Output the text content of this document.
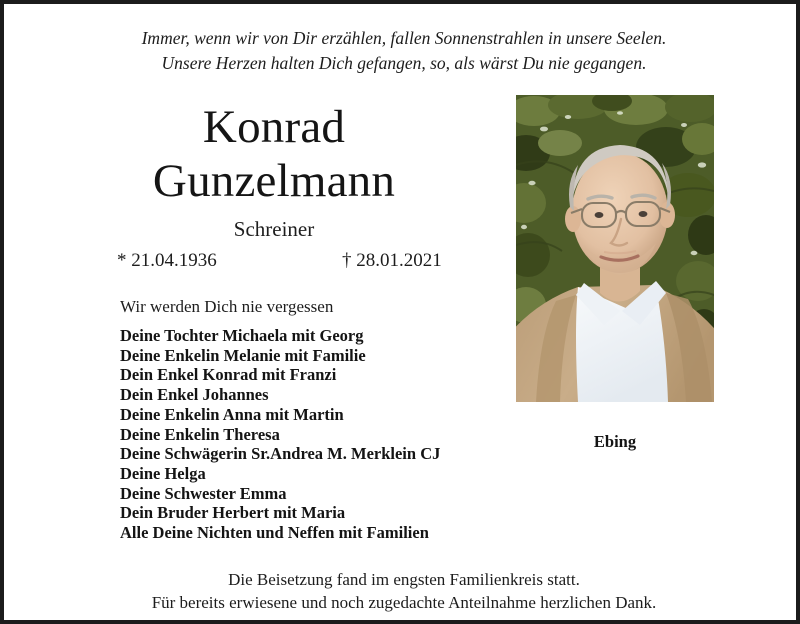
Immer, wenn wir von Dir erzählen, fallen Sonnenstrahlen in unsere Seelen.
Unsere Herzen halten Dich gefangen, so, als wärst Du nie gegangen.
Konrad
Gunzelmann
Schreiner
* 21.04.1936	† 28.01.2021
Wir werden Dich nie vergessen
Deine Tochter Michaela mit Georg
Deine Enkelin Melanie mit Familie
Dein Enkel Konrad mit Franzi
Dein Enkel Johannes
Deine Enkelin Anna mit Martin
Deine Enkelin Theresa
Deine Schwägerin Sr.Andrea M. Merklein CJ
Deine Helga
Deine Schwester Emma
Dein Bruder Herbert mit Maria
Alle Deine Nichten und Neffen mit Familien
Ebing
Die Beisetzung fand im engsten Familienkreis statt.
Für bereits erwiesene und noch zugedachte Anteilnahme herzlichen Dank.
